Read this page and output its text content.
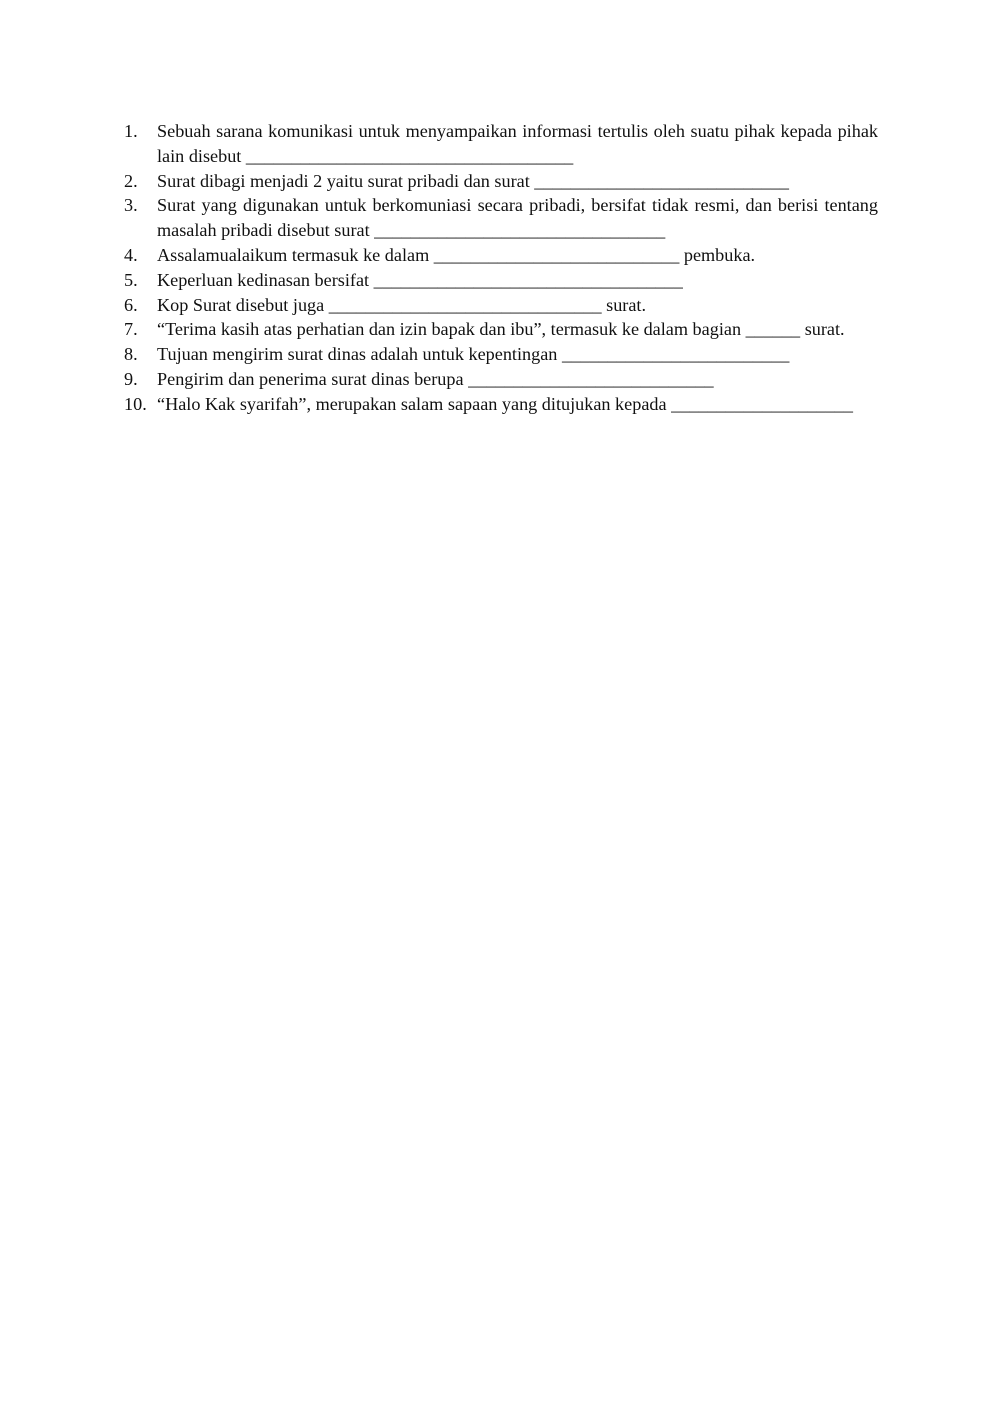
1.	Sebuah sarana komunikasi untuk menyampaikan informasi tertulis oleh suatu pihak kepada pihak lain disebut ____________________________________
2.	Surat dibagi menjadi 2 yaitu surat pribadi dan surat ____________________________
3.	Surat yang digunakan untuk berkomuniasi secara pribadi, bersifat tidak resmi, dan berisi tentang masalah pribadi disebut surat ________________________________
4.	Assalamualaikum termasuk ke dalam ___________________________ pembuka.
5.	Keperluan kedinasan bersifat __________________________________
6.	Kop Surat disebut juga ______________________________ surat.
7.	“Terima kasih atas perhatian dan izin bapak dan ibu”, termasuk ke dalam bagian ______ surat.
8.	Tujuan mengirim surat dinas adalah untuk kepentingan _________________________
9.	Pengirim dan penerima surat dinas berupa ___________________________
10. “Halo Kak syarifah”, merupakan salam sapaan yang ditujukan kepada ____________________
